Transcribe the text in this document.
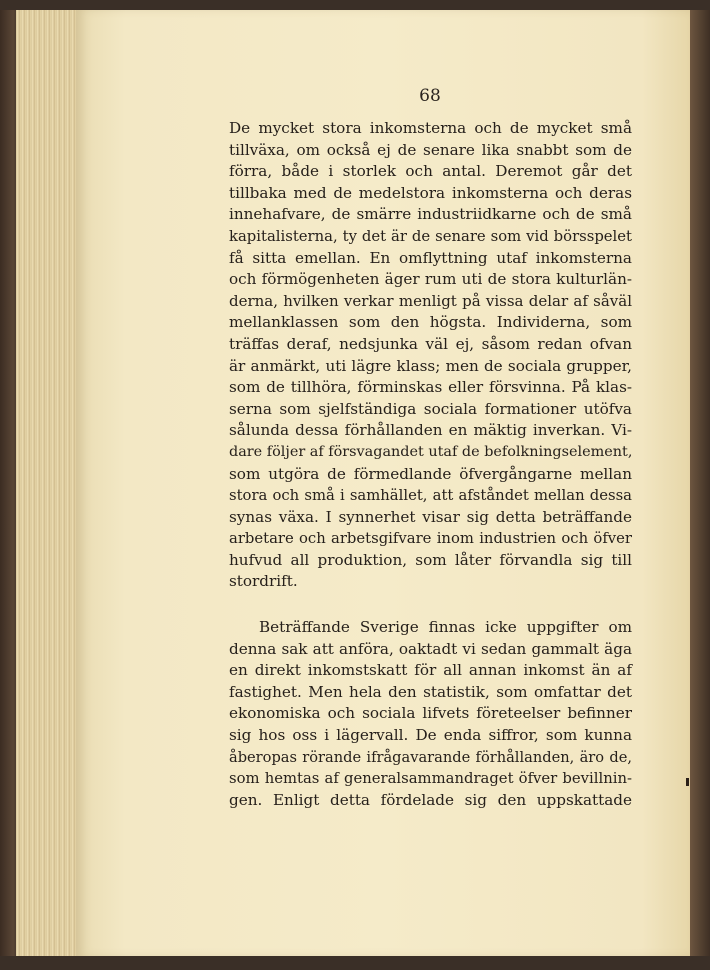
68

De mycket stora inkomsterna och de mycket små

tillväxa, om också ej de senare lika snabbt som de

förra, både i storlek och antal. Deremot går det

tillbaka med de medelstora inkomsterna och deras

innehafvare, de smärre industriidkarne och de små

kapitalisterna, ty det är de senare som vid börsspelet

få sitta emellan. En omflyttning utaf inkomsterna

och förmögenheten äger rum uti de stora kulturlän-

derna, hvilken verkar menligt på vissa delar af såväl

mellanklassen som den högsta. Individerna, som

träffas deraf, nedsjunka väl ej, såsom redan ofvan

är anmärkt, uti lägre klass; men de sociala grupper,

som de tillhöra, förminskas eller försvinna. På klas-

serna som sjelfständiga sociala formationer utöfva

sålunda dessa förhållanden en mäktig inverkan. Vi-

dare följer af försvagandet utaf de befolkningselement,

som utgöra de förmedlande öfvergångarne mellan

stora och små i samhället, att afståndet mellan dessa

synas växa. I synnerhet visar sig detta beträffande

arbetare och arbetsgifvare inom industrien och öfver

hufvud all produktion, som låter förvandla sig till

stordrift.

Beträffande Sverige finnas icke uppgifter om

denna sak att anföra, oaktadt vi sedan gammalt äga

en direkt inkomstskatt för all annan inkomst än af

fastighet. Men hela den statistik, som omfattar det

ekonomiska och sociala lifvets företeelser befinner

sig hos oss i lägervall. De enda siffror, som kunna

åberopas rörande ifrågavarande förhållanden, äro de,

som hemtas af generalsammandraget öfver bevillnin-

gen. Enligt detta fördelade sig den uppskattade
